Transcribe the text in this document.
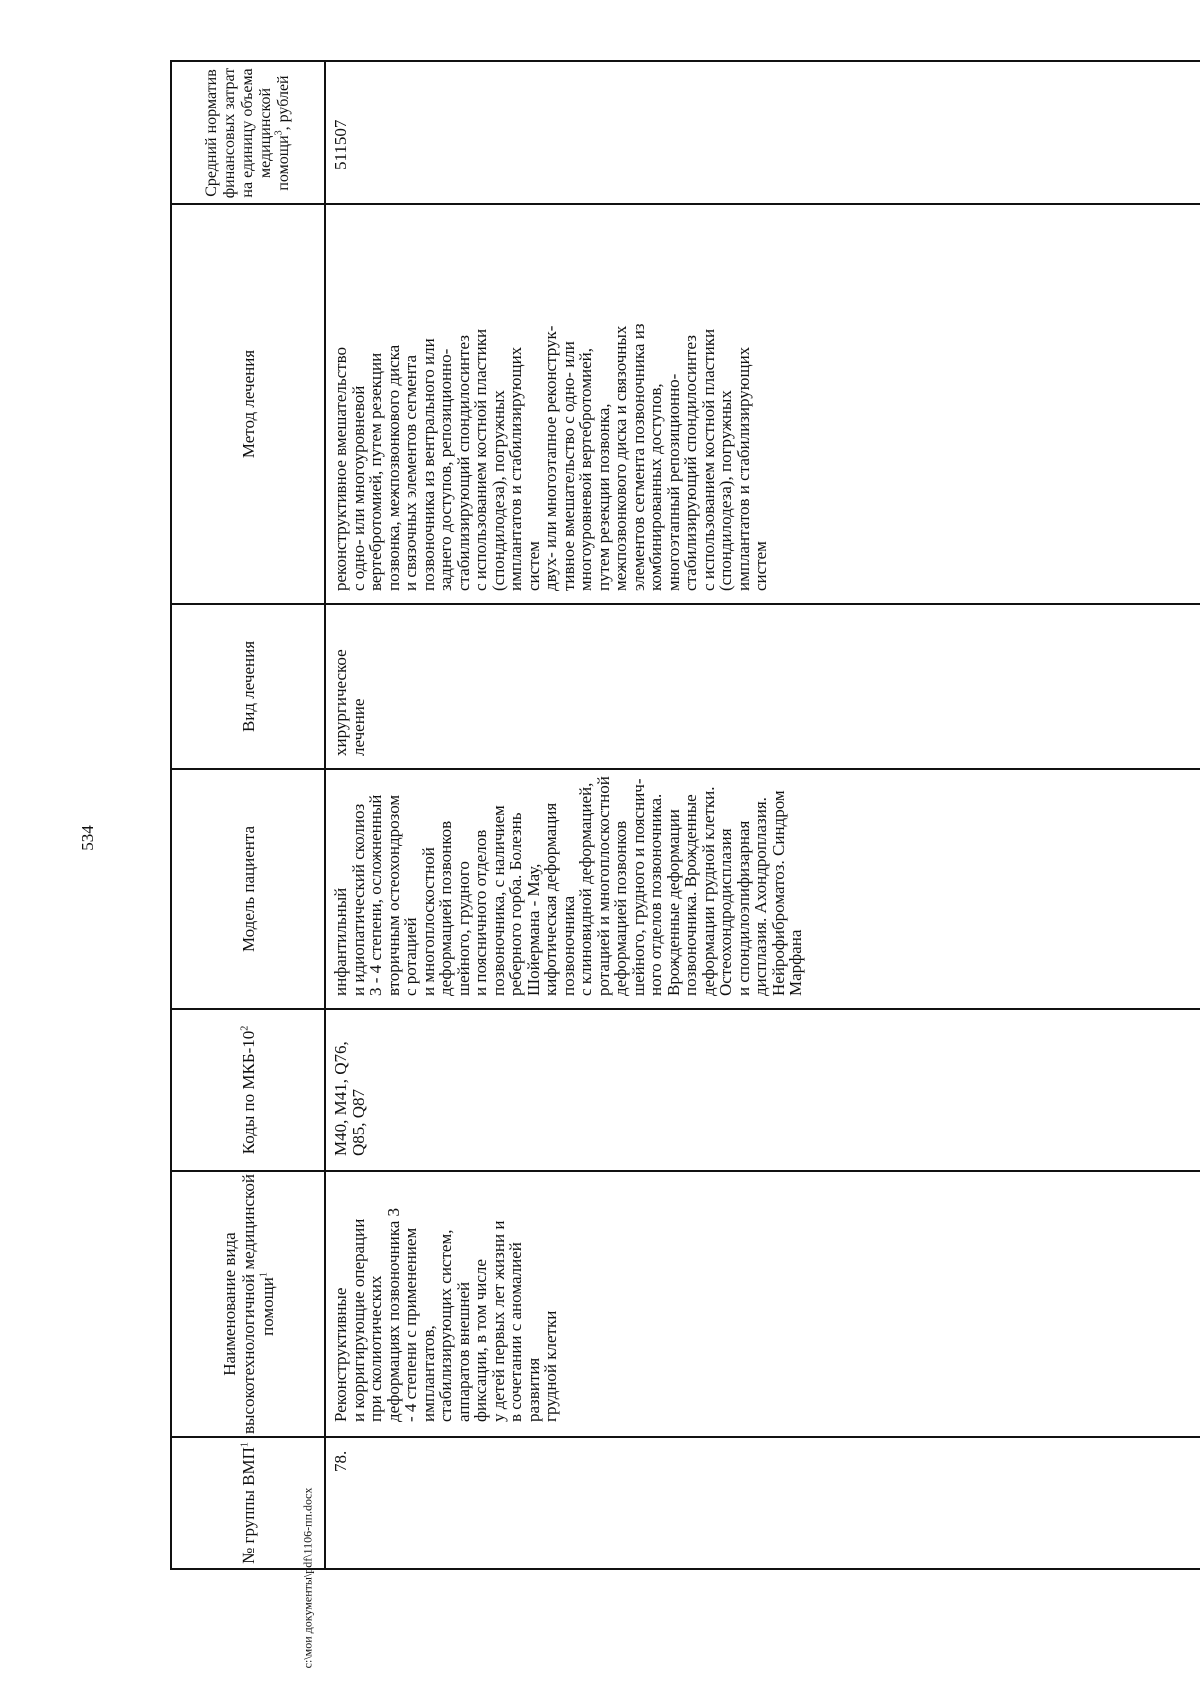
534
№ группы ВМП$^1$
Наименование вида высокотехнологичной медицинской помощи$^1$
Коды по МКБ-$10^2$
Модель пациента
Вид лечения
Метод лечения
Средний норматив финансовых затрат на единицу объема медицинской помощи$^3$, рублей
78.
Реконструктивные
и корригирующие операции
при сколиотических
деформациях позвоночника 3
- 4 степени с применением
имплантатов,
стабилизирующих систем,
аппаратов внешней
фиксации, в том числе
у детей первых лет жизни и
в сочетании с аномалией
развития
грудной клетки
M40, M41, Q76,
Q85, Q87
инфантильный
и идиопатический сколиоз
3 - 4 степени, осложненный
вторичным остеохондрозом
с ротацией
и многоплоскостной
деформацией позвонков
шейного, грудного
и поясничного отделов
позвоночника, с наличием
реберного горба. Болезнь
Шойермана - Мау,
кифотическая деформация
позвоночника
с клиновидной деформацией,
ротацией и многоплоскостной
деформацией позвонков
шейного, грудного и пояснич-
ного отделов позвоночника.
Врожденные деформации
позвоночника. Врожденные
деформации грудной клетки.
Остеохондродисплазия
и спондилоэпифизарная
дисплазия. Ахондроплазия.
Нейрофиброматоз. Синдром
Марфана
хирургическое
лечение
реконструктивное вмешательство
с одно- или многоуровневой
вертебротомией, путем резекции
позвонка, межпозвонкового диска
и связочных элементов сегмента
позвоночника из вентрального или
заднего доступов, репозиционно-
стабилизирующий спондилосинтез
с использованием костной пластики
(спондилодеза), погружных
имплантатов и стабилизирующих
систем
двух- или многоэтапное реконструк-
тивное вмешательство с одно- или
многоуровневой вертебротомией,
путем резекции позвонка,
межпозвонкового диска и связочных
элементов сегмента позвоночника из
комбинированных доступов,
многоэтапный репозиционно-
стабилизирующий спондилосинтез
с использованием костной пластики
(спондилодеза), погружных
имплантатов и стабилизирующих
систем
511507
c:\мои документы\pdf\1106-пп.docx
